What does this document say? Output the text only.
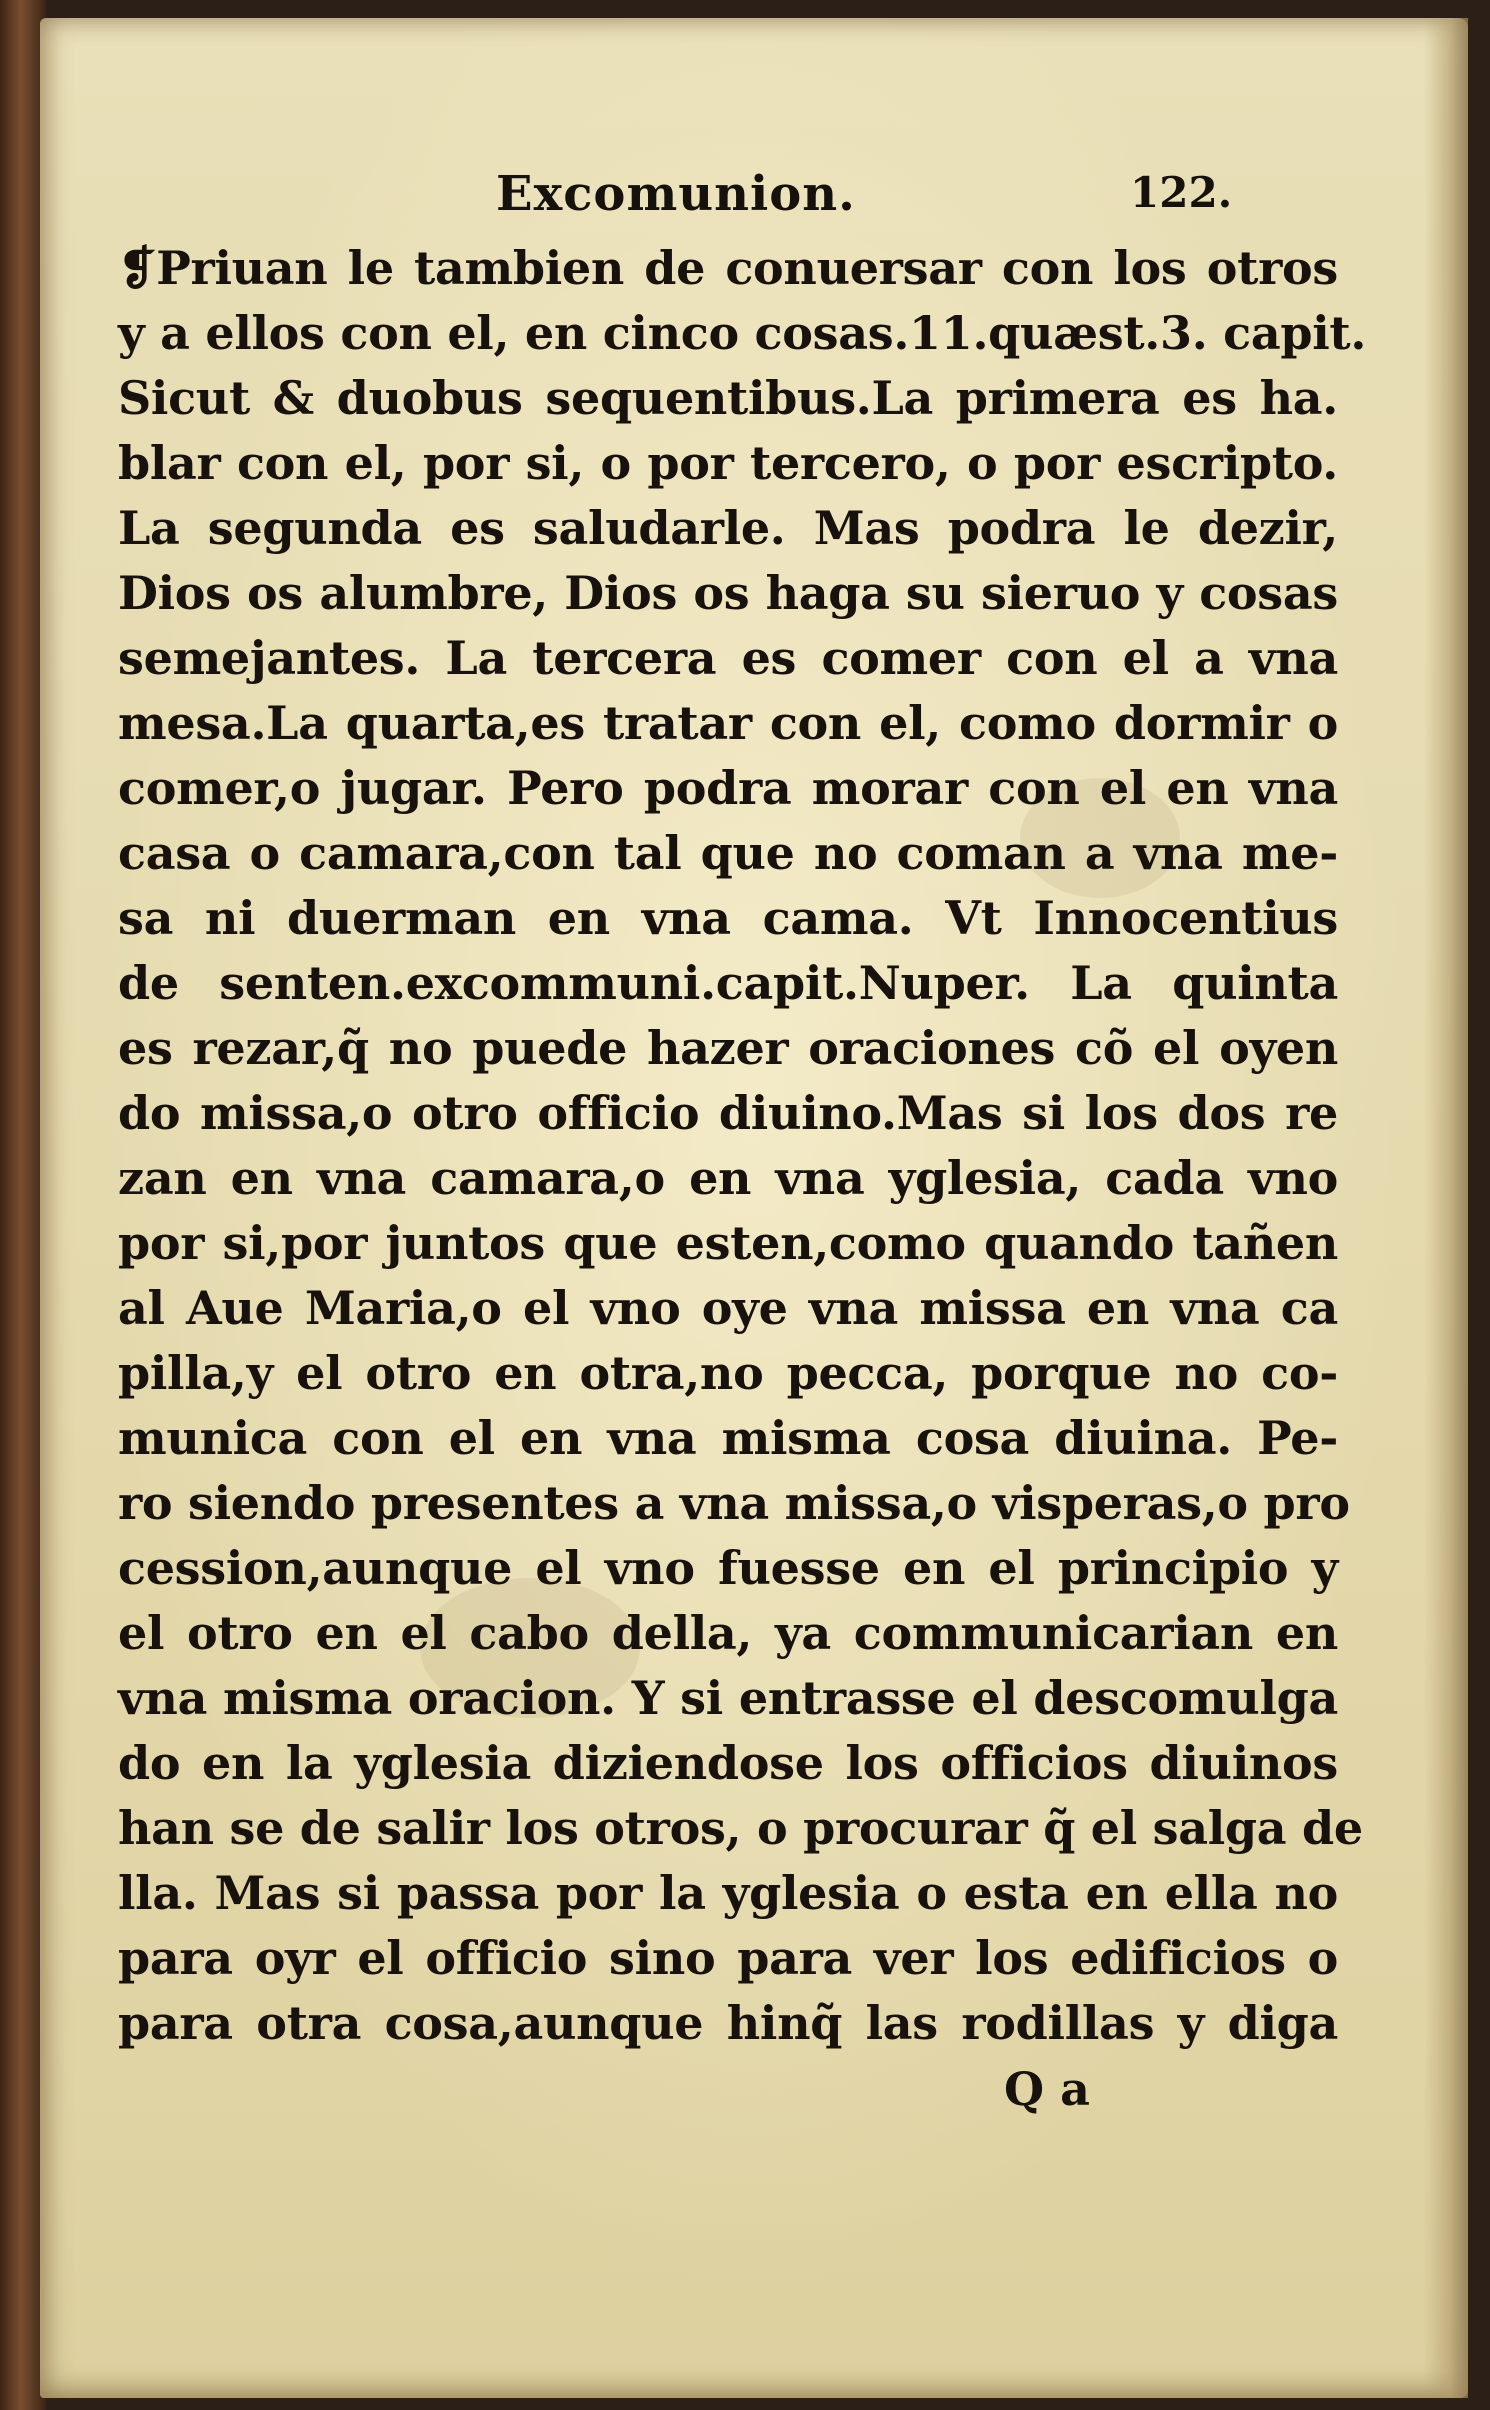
Excomunion.	122.
❡Priuan le tambien de conuersar con los otros
y a ellos con el, en cinco cosas.11.quæst.3. capit.
Sicut & duobus sequentibus.La primera es ha.
blar con el, por si, o por tercero, o por escripto.
La segunda es saludarle. Mas podra le dezir,
Dios os alumbre, Dios os haga su sieruo y cosas
semejantes. La tercera es comer con el a vna
mesa.La quarta,es tratar con el, como dormir o
comer,o jugar. Pero podra morar con el en vna
casa o camara,con tal que no coman a vna me-
sa ni duerman en vna cama. Vt Innocentius
de senten.excommuni.capit.Nuper. La quinta
es rezar,q̃ no puede hazer oraciones cõ el oyen
do missa,o otro officio diuino.Mas si los dos re
zan en vna camara,o en vna yglesia, cada vno
por si,por juntos que esten,como quando tañen
al Aue Maria,o el vno oye vna missa en vna ca
pilla,y el otro en otra,no pecca, porque no co-
munica con el en vna misma cosa diuina. Pe-
ro siendo presentes a vna missa,o visperas,o pro
cession,aunque el vno fuesse en el principio y
el otro en el cabo della, ya communicarian en
vna misma oracion. Y si entrasse el descomulga
do en la yglesia diziendose los officios diuinos
han se de salir los otros, o procurar q̃ el salga de
lla. Mas si passa por la yglesia o esta en ella no
para oyr el officio sino para ver los edificios o
para otra cosa,aunque hinq̃ las rodillas y diga
Q a
